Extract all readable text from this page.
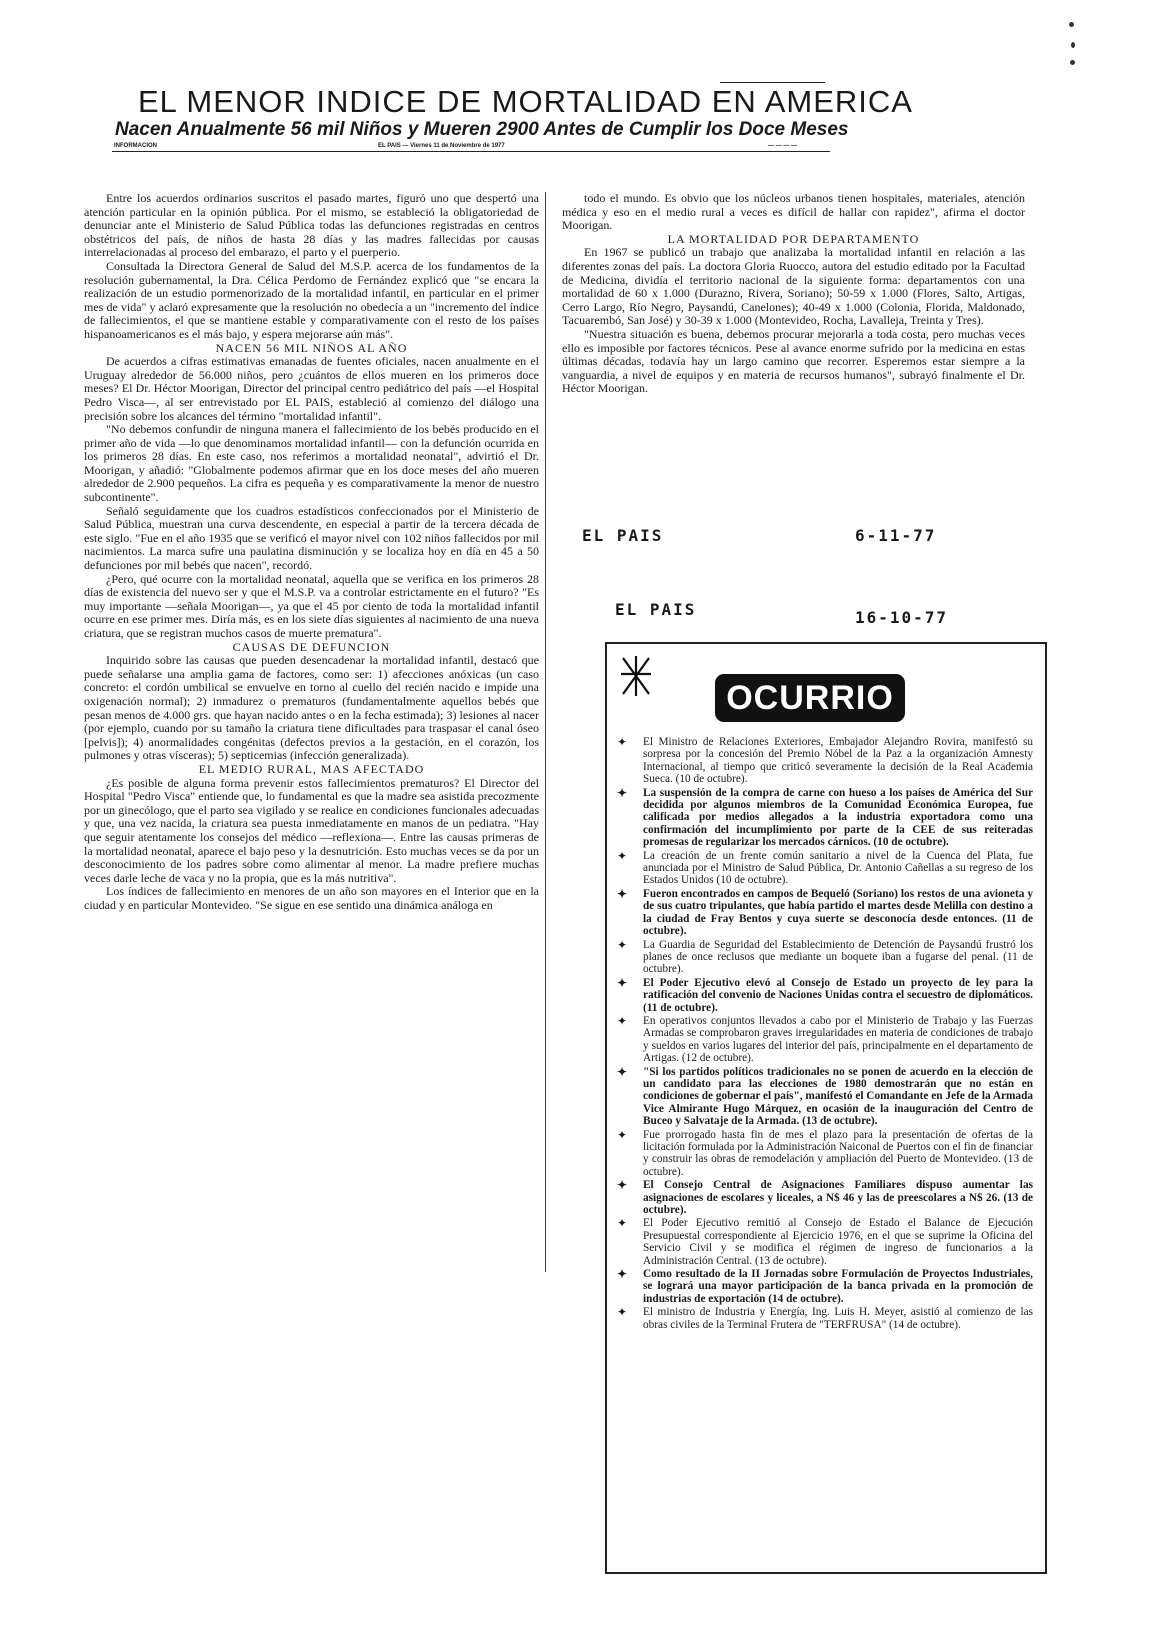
EL MENOR INDICE DE MORTALIDAD EN AMERICA
Nacen Anualmente 56 mil Niños y Mueren 2900 Antes de Cumplir los Doce Meses
INFORMACION	EL PAIS — Viernes 11 de Noviembre de 1977	— — — —

Entre los acuerdos ordinarios suscritos el pasado martes, figuró uno que despertó una atención particular en la opinión pública. Por el mismo, se estableció la obligatoriedad de denunciar ante el Ministerio de Salud Pública todas las defunciones registradas en centros obstétricos del país, de niños de hasta 28 días y las madres fallecidas por causas interrelacionadas al proceso del embarazo, el parto y el puerperio.

Consultada la Directora General de Salud del M.S.P. acerca de los fundamentos de la resolución gubernamental, la Dra. Célica Perdomo de Fernández explicó que "se encara la realización de un estudio pormenorizado de la mortalidad infantil, en particular en el primer mes de vida" y aclaró expresamente que la resolución no obedecía a un "incremento del índice de fallecimientos, el que se mantiene estable y comparativamente con el resto de los países hispanoamericanos es el más bajo, y espera mejorarse aún más".

NACEN 56 MIL NIÑOS AL AÑO

De acuerdos a cifras estimativas emanadas de fuentes oficiales, nacen anualmente en el Uruguay alrededor de 56.000 niños, pero ¿cuántos de ellos mueren en los primeros doce meses? El Dr. Héctor Moorigan, Director del principal centro pediátrico del país —el Hospital Pedro Visca—, al ser entrevistado por EL PAIS, estableció al comienzo del diálogo una precisión sobre los alcances del término "mortalidad infantil".

"No debemos confundir de ninguna manera el fallecimiento de los bebés producido en el primer año de vida —lo que denominamos mortalidad infantil— con la defunción ocurrida en los primeros 28 días. En este caso, nos referimos a mortalidad neonatal", advirtió el Dr. Moorigan, y añadió: "Globalmente podemos afirmar que en los doce meses del año mueren alrededor de 2.900 pequeños. La cifra es pequeña y es comparativamente la menor de nuestro subcontinente".

Señaló seguidamente que los cuadros estadísticos confeccionados por el Ministerio de Salud Pública, muestran una curva descendente, en especial a partir de la tercera década de este siglo. "Fue en el año 1935 que se verificó el mayor nivel con 102 niños fallecidos por mil nacimientos. La marca sufre una paulatina disminución y se localiza hoy en día en 45 a 50 defunciones por mil bebés que nacen", recordó.

¿Pero, qué ocurre con la mortalidad neonatal, aquella que se verifica en los primeros 28 días de existencia del nuevo ser y que el M.S.P. va a controlar estrictamente en el futuro? "Es muy importante —señala Moorigan—, ya que el 45 por ciento de toda la mortalidad infantil ocurre en ese primer mes. Diría más, es en los siete días siguientes al nacimiento de una nueva criatura, que se registran muchos casos de muerte prematura".

CAUSAS DE DEFUNCION

Inquirido sobre las causas que pueden desencadenar la mortalidad infantil, destacó que puede señalarse una amplia gama de factores, como ser: 1) afecciones anóxicas (un caso concreto: el cordón umbilical se envuelve en torno al cuello del recién nacido e impide una oxigenación normal); 2) inmadurez o prematuros (fundamentalmente aquellos bebés que pesan menos de 4.000 grs. que hayan nacido antes o en la fecha estimada); 3) lesiones al nacer (por ejemplo, cuando por su tamaño la criatura tiene dificultades para traspasar el canal óseo [pelvis]); 4) anormalidades congénitas (defectos previos a la gestación, en el corazón, los pulmones y otras vísceras); 5) septicemias (infección generalizada).

EL MEDIO RURAL, MAS AFECTADO

¿Es posible de alguna forma prevenir estos fallecimientos prematuros? El Director del Hospital "Pedro Visca" entiende que, lo fundamental es que la madre sea asistida precozmente por un ginecólogo, que el parto sea vigilado y se realice en condiciones funcionales adecuadas y que, una vez nacida, la criatura sea puesta inmediatamente en manos de un pediatra. "Hay que seguir atentamente los consejos del médico —reflexiona—. Entre las causas primeras de la mortalidad neonatal, aparece el bajo peso y la desnutrición. Esto muchas veces se da por un desconocimiento de los padres sobre como alimentar al menor. La madre prefiere muchas veces darle leche de vaca y no la propia, que es la más nutritiva".

Los índices de fallecimiento en menores de un año son mayores en el Interior que en la ciudad y en particular Montevideo. "Se sigue en ese sentido una dinámica análoga en

todo el mundo. Es obvio que los núcleos urbanos tienen hospitales, materiales, atención médica y eso en el medio rural a veces es difícil de hallar con rapidez", afirma el doctor Moorigan.

LA MORTALIDAD POR DEPARTAMENTO

En 1967 se publicó un trabajo que analizaba la mortalidad infantil en relación a las diferentes zonas del país. La doctora Gloria Ruocco, autora del estudio editado por la Facultad de Medicina, dividía el territorio nacional de la siguiente forma: departamentos con una mortalidad de 60 x 1.000 (Durazno, Rivera, Soriano); 50-59 x 1.000 (Flores, Salto, Artigas, Cerro Largo, Río Negro, Paysandú, Canelones); 40-49 x 1.000 (Colonia, Florida, Maldonado, Tacuarembó, San José) y 30-39 x 1.000 (Montevideo, Rocha, Lavalleja, Treinta y Tres).

"Nuestra situación es buena, debemos procurar mejorarla a toda costa, pero muchas veces ello es imposible por factores técnicos. Pese al avance enorme sufrido por la medicina en estas últimas décadas, todavía hay un largo camino que recorrer. Esperemos estar siempre a la vanguardia, a nivel de equipos y en materia de recursos humanos", subrayó finalmente el Dr. Héctor Moorigan.

EL PAIS	6-11-77
EL PAIS	16-10-77
OCURRIO
✦ El Ministro de Relaciones Exteriores, Embajador Alejandro Rovira, manifestó su sorpresa por la concesión del Premio Nóbel de la Paz a la organización Amnesty Internacional, al tiempo que criticó severamente la decisión de la Real Academia Sueca. (10 de octubre).
✦ La suspensión de la compra de carne con hueso a los países de América del Sur decidida por algunos miembros de la Comunidad Económica Europea, fue calificada por medios allegados a la industria exportadora como una confirmación del incumplimiento por parte de la CEE de sus reiteradas promesas de regularizar los mercados cárnicos. (10 de octubre).
✦ La creación de un frente común sanitario a nivel de la Cuenca del Plata, fue anunciada por el Ministro de Salud Pública, Dr. Antonio Cañellas a su regreso de los Estados Unidos (10 de octubre).
✦ Fueron encontrados en campos de Bequeló (Soriano) los restos de una avioneta y de sus cuatro tripulantes, que había partido el martes desde Melilla con destino a la ciudad de Fray Bentos y cuya suerte se desconocía desde entonces. (11 de octubre).
✦ La Guardia de Seguridad del Establecimiento de Detención de Paysandú frustró los planes de once reclusos que mediante un boquete iban a fugarse del penal. (11 de octubre).
✦ El Poder Ejecutivo elevó al Consejo de Estado un proyecto de ley para la ratificación del convenio de Naciones Unidas contra el secuestro de diplomáticos. (11 de octubre).
✦ En operativos conjuntos llevados a cabo por el Ministerio de Trabajo y las Fuerzas Armadas se comprobaron graves irregularidades en materia de condiciones de trabajo y sueldos en varios lugares del interior del país, principalmente en el departamento de Artigas. (12 de octubre).
✦ "Si los partidos políticos tradicionales no se ponen de acuerdo en la elección de un candidato para las elecciones de 1980 demostrarán que no están en condiciones de gobernar el país", manifestó el Comandante en Jefe de la Armada Vice Almirante Hugo Márquez, en ocasión de la inauguración del Centro de Buceo y Salvataje de la Armada. (13 de octubre).
✦ Fue prorrogado hasta fin de mes el plazo para la presentación de ofertas de la licitación formulada por la Administración Naiconal de Puertos con el fin de financiar y construir las obras de remodelación y ampliación del Puerto de Montevideo. (13 de octubre).
✦ El Consejo Central de Asignaciones Familiares dispuso aumentar las asignaciones de escolares y liceales, a N$ 46 y las de preescolares a N$ 26. (13 de octubre).
✦ El Poder Ejecutivo remitió al Consejo de Estado el Balance de Ejecución Presupuestal correspondiente al Ejercicio 1976, en el que se suprime la Oficina del Servicio Civil y se modifica el régimen de ingreso de funcionarios a la Administración Central. (13 de octubre).
✦ Como resultado de la II Jornadas sobre Formulación de Proyectos Industriales, se logrará una mayor participación de la banca privada en la promoción de industrias de exportación (14 de octubre).
✦ El ministro de Industria y Energía, Ing. Luis H. Meyer, asistió al comienzo de las obras civiles de la Terminal Frutera de "TERFRUSA" (14 de octubre).
